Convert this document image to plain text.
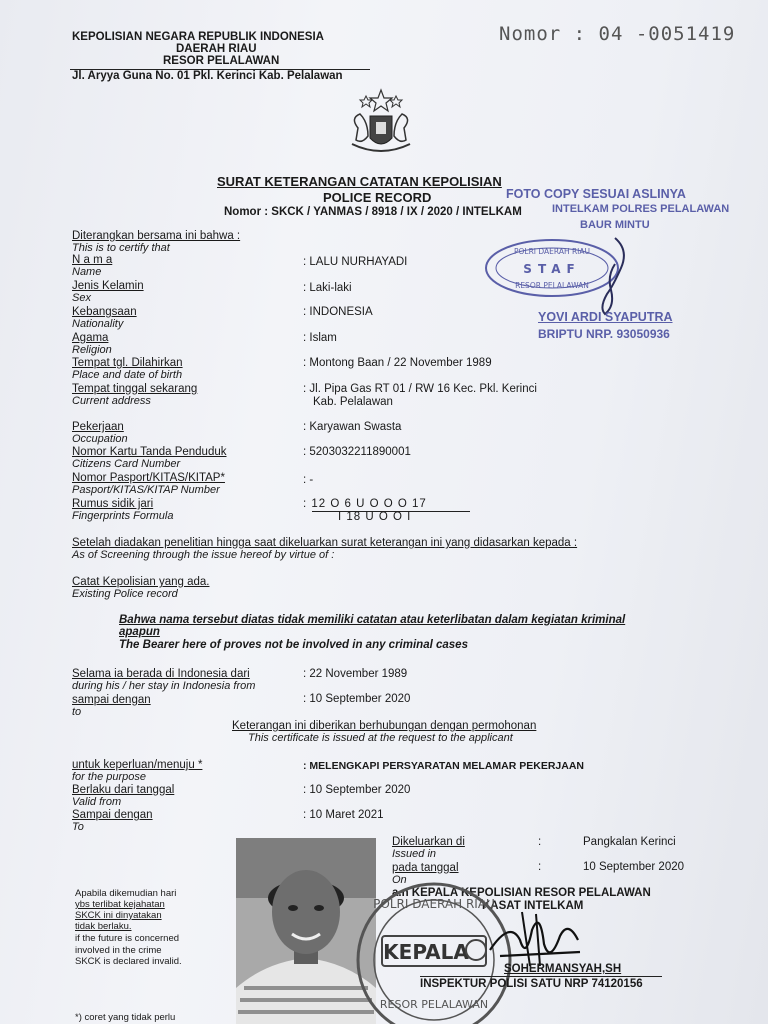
KEPOLISIAN NEGARA REPUBLIK INDONESIA
DAERAH RIAU
RESOR PELALAWAN
Jl. Aryya Guna No. 01 Pkl. Kerinci Kab. Pelalawan
Nomor : 04 -0051419
SURAT KETERANGAN CATATAN KEPOLISIAN
POLICE RECORD
Nomor : SKCK / YANMAS / 8918 / IX / 2020 / INTELKAM
FOTO COPY SESUAI ASLINYA
INTELKAM POLRES PELALAWAN
BAUR MINTU
POLRI DAERAH RIAU
STAF
RESOR PELALAWAN
YOVI ARDI SYAPUTRA
BRIPTU NRP. 93050936
Diterangkan bersama ini bahwa :
This is to certify that
N a m a
Name
: LALU NURHAYADI
Jenis Kelamin
Sex
: Laki-laki
Kebangsaan
Nationality
: INDONESIA
Agama
Religion
: Islam
Tempat tgl. Dilahirkan
Place and date of birth
: Montong Baan / 22 November 1989
Tempat tinggal sekarang
Current address
: Jl. Pipa Gas RT 01 / RW 16 Kec. Pkl. Kerinci
Kab. Pelalawan
Pekerjaan
Occupation
: Karyawan Swasta
Nomor Kartu Tanda Penduduk
Citizens Card Number
: 5203032211890001
Nomor Pasport/KITAS/KITAP*
Pasport/KITAS/KITAP Number
: -
Rumus sidik jari
Fingerprints Formula
: 12 O 6 U O O O 17
I 18 U O O I
Setelah diadakan penelitian hingga saat dikeluarkan surat keterangan ini yang didasarkan kepada :
As of Screening through the issue hereof by virtue of :
Catat Kepolisian yang ada.
Existing Police record
Bahwa nama tersebut diatas tidak memiliki catatan atau keterlibatan dalam kegiatan kriminal
apapun
The Bearer here of proves not be involved in any criminal cases
Selama ia berada di Indonesia dari
during his / her stay in Indonesia from
: 22 November 1989
sampai dengan
to
: 10 September 2020
Keterangan ini diberikan berhubungan dengan permohonan
This certificate is issued at the request to the applicant
untuk keperluan/menuju *
for the purpose
: MELENGKAPI PERSYARATAN MELAMAR PEKERJAAN
Berlaku dari tanggal
Valid from
: 10 September 2020
Sampai dengan
To
: 10 Maret 2021
Dikeluarkan di
Issued in
:	Pangkalan Kerinci
pada tanggal
On
:	10 September 2020
a.n KEPALA KEPOLISIAN RESOR PELALAWAN
KASAT INTELKAM
POLRI DAERAH RIAU
KEPALA
RESOR PELALAWAN
SOHERMANSYAH,SH
INSPEKTUR POLISI SATU NRP 74120156
Apabila dikemudian hari
ybs terlibat kejahatan
SKCK ini dinyatakan
tidak berlaku.
if the future is concerned
involved in the crime
SKCK is declared invalid.
*) coret yang tidak perlu
